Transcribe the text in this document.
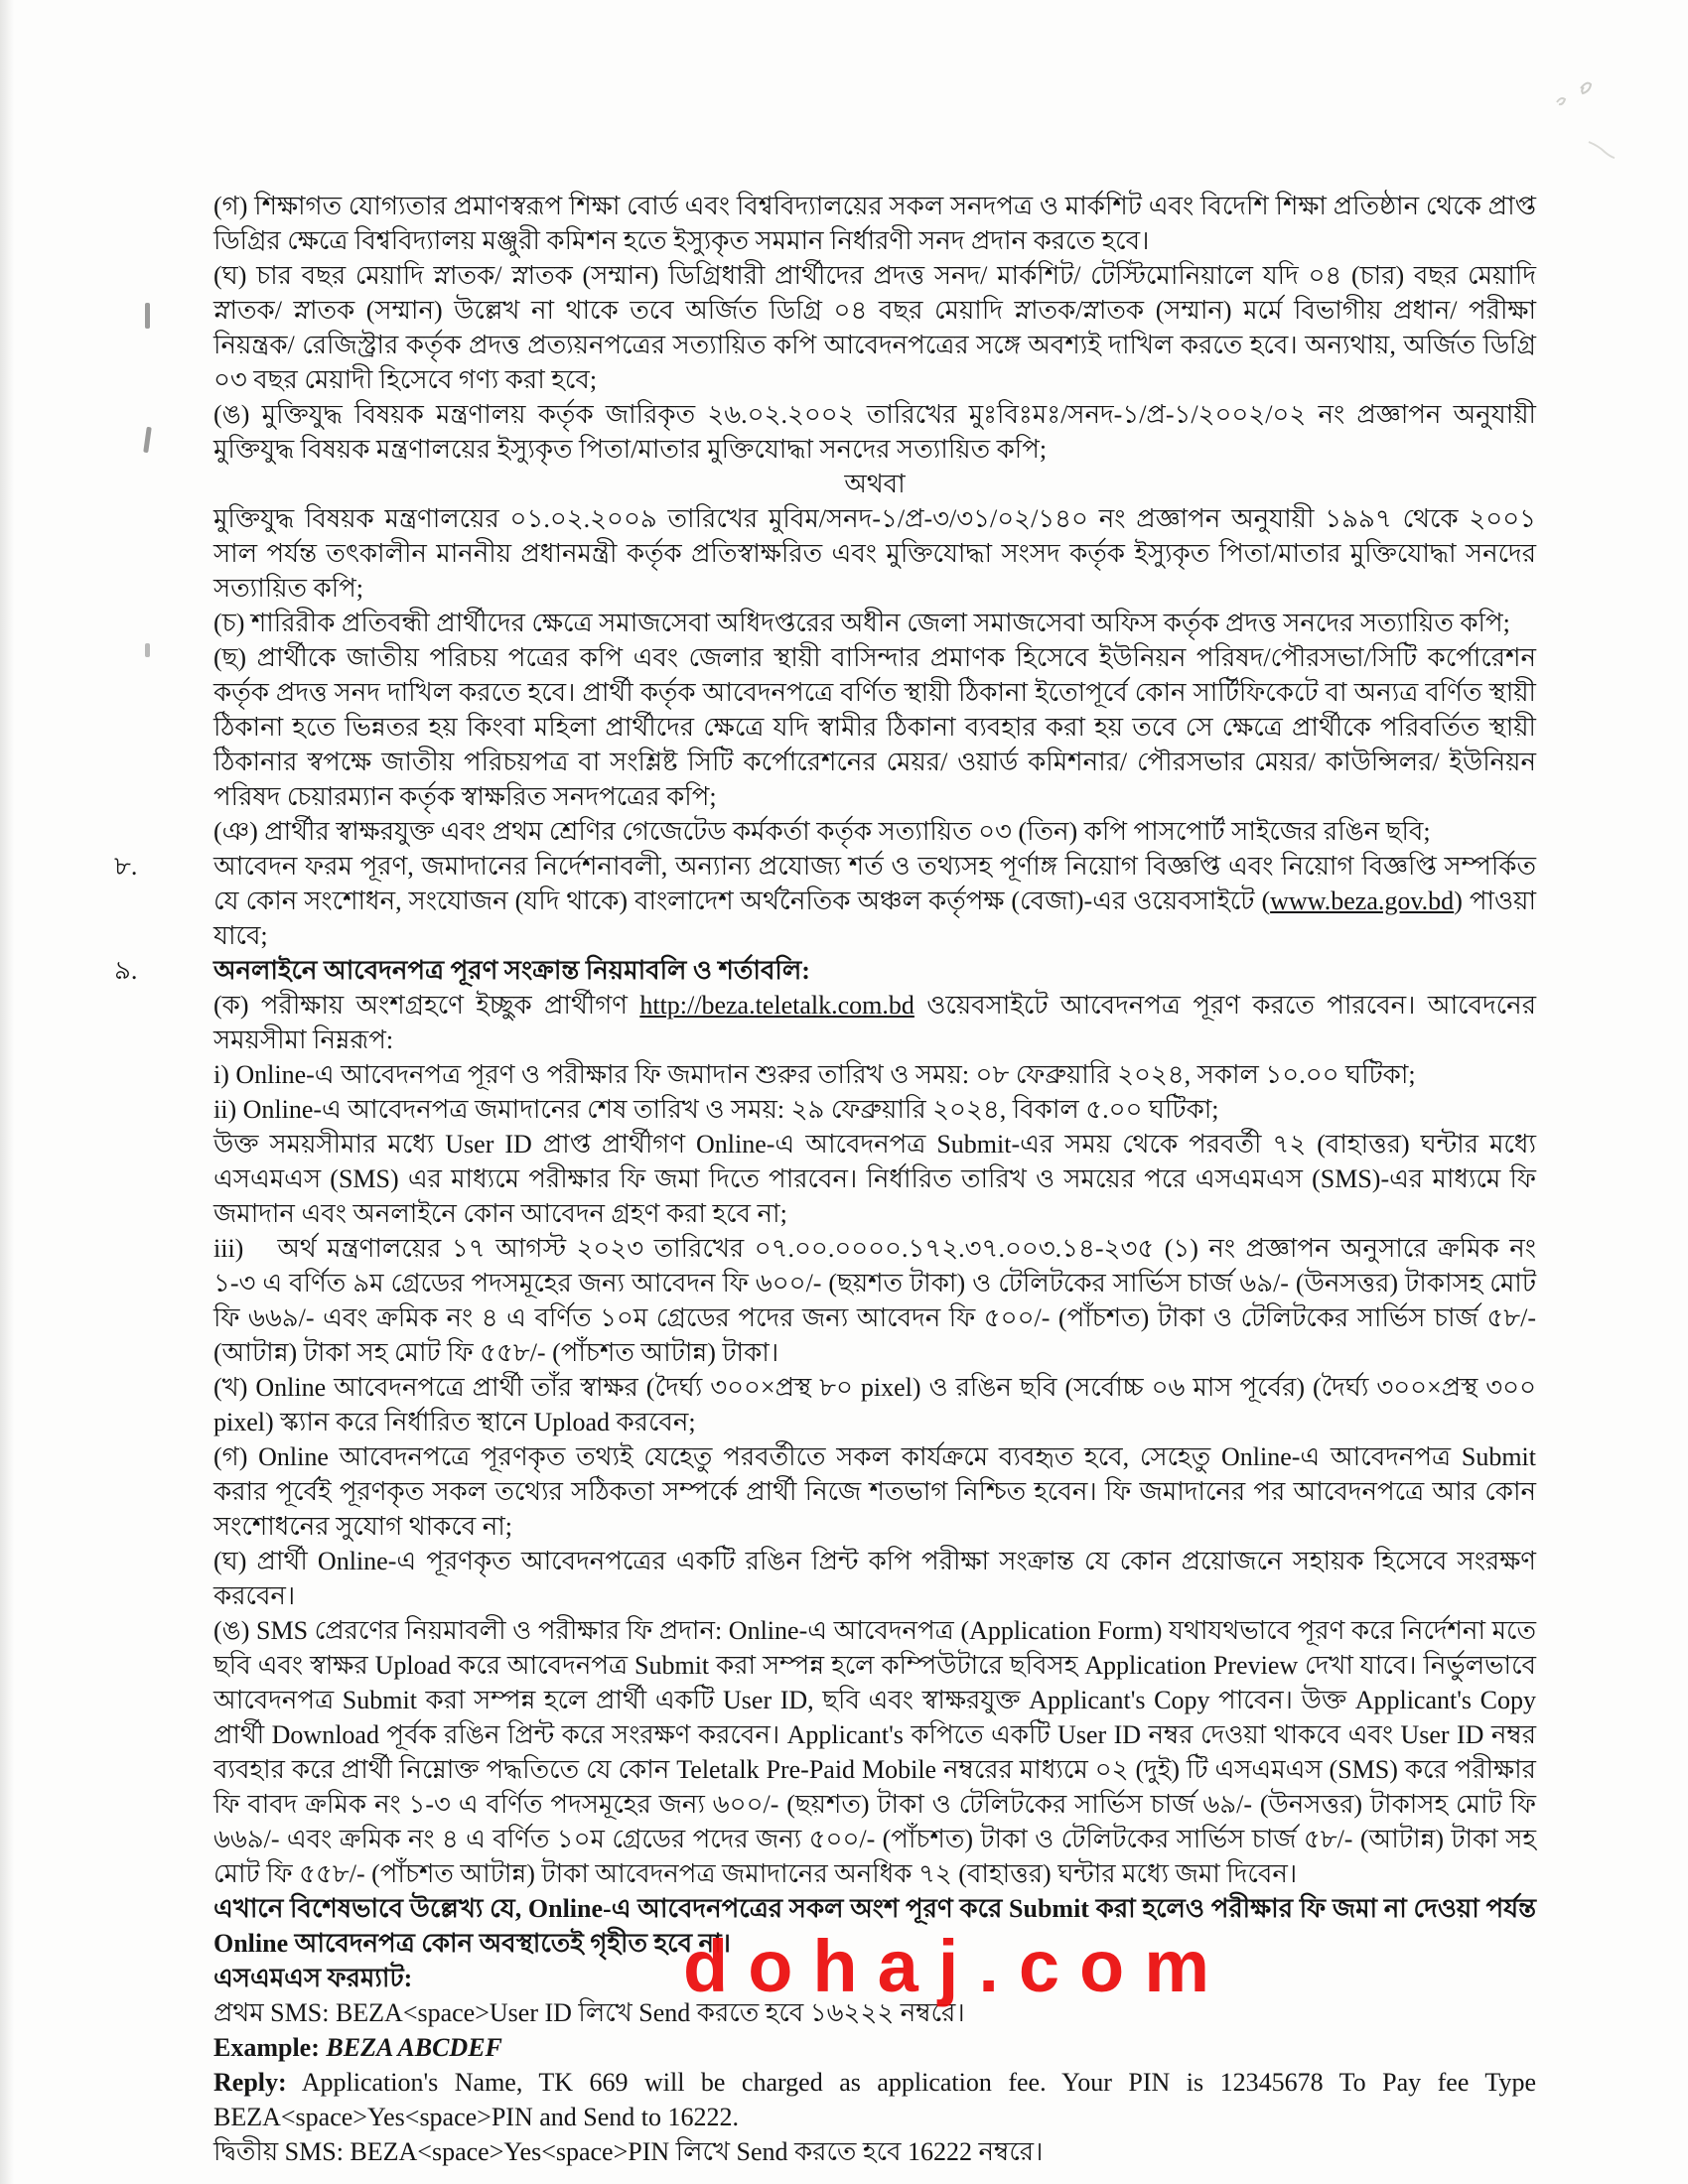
(গ) শিক্ষাগত যোগ্যতার প্রমাণস্বরূপ শিক্ষা বোর্ড এবং বিশ্ববিদ্যালয়ের সকল সনদপত্র ও মার্কশিট এবং বিদেশি শিক্ষা প্রতিষ্ঠান থেকে প্রাপ্ত ডিগ্রির ক্ষেত্রে বিশ্ববিদ্যালয় মঞ্জুরী কমিশন হতে ইস্যুকৃত সমমান নির্ধারণী সনদ প্রদান করতে হবে।
(ঘ) চার বছর মেয়াদি স্নাতক/ স্নাতক (সম্মান) ডিগ্রিধারী প্রার্থীদের প্রদত্ত সনদ/ মার্কশিট/ টেস্টিমোনিয়ালে যদি ০৪ (চার) বছর মেয়াদি স্নাতক/ স্নাতক (সম্মান) উল্লেখ না থাকে তবে অর্জিত ডিগ্রি ০৪ বছর মেয়াদি স্নাতক/স্নাতক (সম্মান) মর্মে বিভাগীয় প্রধান/ পরীক্ষা নিয়ন্ত্রক/ রেজিস্ট্রার কর্তৃক প্রদত্ত প্রত্যয়নপত্রের সত্যায়িত কপি আবেদনপত্রের সঙ্গে অবশ্যই দাখিল করতে হবে। অন্যথায়, অর্জিত ডিগ্রি ০৩ বছর মেয়াদী হিসেবে গণ্য করা হবে;
(ঙ) মুক্তিযুদ্ধ বিষয়ক মন্ত্রণালয় কর্তৃক জারিকৃত ২৬.০২.২০০২ তারিখের মুঃবিঃমঃ/সনদ-১/প্র-১/২০০২/০২ নং প্রজ্ঞাপন অনুযায়ী মুক্তিযুদ্ধ বিষয়ক মন্ত্রণালয়ের ইস্যুকৃত পিতা/মাতার মুক্তিযোদ্ধা সনদের সত্যায়িত কপি;
অথবা
মুক্তিযুদ্ধ বিষয়ক মন্ত্রণালয়ের ০১.০২.২০০৯ তারিখের মুবিম/সনদ-১/প্র-৩/৩১/০২/১৪০ নং প্রজ্ঞাপন অনুযায়ী ১৯৯৭ থেকে ২০০১ সাল পর্যন্ত তৎকালীন মাননীয় প্রধানমন্ত্রী কর্তৃক প্রতিস্বাক্ষরিত এবং মুক্তিযোদ্ধা সংসদ কর্তৃক ইস্যুকৃত পিতা/মাতার মুক্তিযোদ্ধা সনদের সত্যায়িত কপি;
(চ) শারিরীক প্রতিবন্ধী প্রার্থীদের ক্ষেত্রে সমাজসেবা অধিদপ্তরের অধীন জেলা সমাজসেবা অফিস কর্তৃক প্রদত্ত সনদের সত্যায়িত কপি;
(ছ) প্রার্থীকে জাতীয় পরিচয় পত্রের কপি এবং জেলার স্থায়ী বাসিন্দার প্রমাণক হিসেবে ইউনিয়ন পরিষদ/পৌরসভা/সিটি কর্পোরেশন কর্তৃক প্রদত্ত সনদ দাখিল করতে হবে। প্রার্থী কর্তৃক আবেদনপত্রে বর্ণিত স্থায়ী ঠিকানা ইতোপূর্বে কোন সার্টিফিকেটে বা অন্যত্র বর্ণিত স্থায়ী ঠিকানা হতে ভিন্নতর হয় কিংবা মহিলা প্রার্থীদের ক্ষেত্রে যদি স্বামীর ঠিকানা ব্যবহার করা হয় তবে সে ক্ষেত্রে প্রার্থীকে পরিবর্তিত স্থায়ী ঠিকানার স্বপক্ষে জাতীয় পরিচয়পত্র বা সংশ্লিষ্ট সিটি কর্পোরেশনের মেয়র/ ওয়ার্ড কমিশনার/ পৌরসভার মেয়র/ কাউন্সিলর/ ইউনিয়ন পরিষদ চেয়ারম্যান কর্তৃক স্বাক্ষরিত সনদপত্রের কপি;
(ঞ) প্রার্থীর স্বাক্ষরযুক্ত এবং প্রথম শ্রেণির গেজেটেড কর্মকর্তা কর্তৃক সত্যায়িত ০৩ (তিন) কপি পাসপোর্ট সাইজের রঙিন ছবি;
৮.	আবেদন ফরম পূরণ, জমাদানের নির্দেশনাবলী, অন্যান্য প্রযোজ্য শর্ত ও তথ্যসহ পূর্ণাঙ্গ নিয়োগ বিজ্ঞপ্তি এবং নিয়োগ বিজ্ঞপ্তি সম্পর্কিত যে কোন সংশোধন, সংযোজন (যদি থাকে) বাংলাদেশ অর্থনৈতিক অঞ্চল কর্তৃপক্ষ (বেজা)-এর ওয়েবসাইটে (www.beza.gov.bd) পাওয়া যাবে;
৯.	অনলাইনে আবেদনপত্র পূরণ সংক্রান্ত নিয়মাবলি ও শর্তাবলি:
(ক) পরীক্ষায় অংশগ্রহণে ইচ্ছুক প্রার্থীগণ http://beza.teletalk.com.bd ওয়েবসাইটে আবেদনপত্র পূরণ করতে পারবেন। আবেদনের সময়সীমা নিম্নরূপ:
i) Online-এ আবেদনপত্র পূরণ ও পরীক্ষার ফি জমাদান শুরুর তারিখ ও সময়: ০৮ ফেব্রুয়ারি ২০২৪, সকাল ১০.০০ ঘটিকা;
ii) Online-এ আবেদনপত্র জমাদানের শেষ তারিখ ও সময়: ২৯ ফেব্রুয়ারি ২০২৪, বিকাল ৫.০০ ঘটিকা;
উক্ত সময়সীমার মধ্যে User ID প্রাপ্ত প্রার্থীগণ Online-এ আবেদনপত্র Submit-এর সময় থেকে পরবর্তী ৭২ (বাহাত্তর) ঘন্টার মধ্যে এসএমএস (SMS) এর মাধ্যমে পরীক্ষার ফি জমা দিতে পারবেন। নির্ধারিত তারিখ ও সময়ের পরে এসএমএস (SMS)-এর মাধ্যমে ফি জমাদান এবং অনলাইনে কোন আবেদন গ্রহণ করা হবে না;
iii) অর্থ মন্ত্রণালয়ের ১৭ আগস্ট ২০২৩ তারিখের ০৭.০০.০০০০.১৭২.৩৭.০০৩.১৪-২৩৫ (১) নং প্রজ্ঞাপন অনুসারে ক্রমিক নং ১-৩ এ বর্ণিত ৯ম গ্রেডের পদসমূহের জন্য আবেদন ফি ৬০০/- (ছয়শত টাকা) ও টেলিটকের সার্ভিস চার্জ ৬৯/- (উনসত্তর) টাকাসহ মোট ফি ৬৬৯/- এবং ক্রমিক নং ৪ এ বর্ণিত ১০ম গ্রেডের পদের জন্য আবেদন ফি ৫০০/- (পাঁচশত) টাকা ও টেলিটকের সার্ভিস চার্জ ৫৮/- (আটান্ন) টাকা সহ মোট ফি ৫৫৮/- (পাঁচশত আটান্ন) টাকা।
(খ) Online আবেদনপত্রে প্রার্থী তাঁর স্বাক্ষর (দৈর্ঘ্য ৩০০×প্রস্থ ৮০ pixel) ও রঙিন ছবি (সর্বোচ্চ ০৬ মাস পূর্বের) (দৈর্ঘ্য ৩০০×প্রস্থ ৩০০ pixel) স্ক্যান করে নির্ধারিত স্থানে Upload করবেন;
(গ) Online আবেদনপত্রে পূরণকৃত তথ্যই যেহেতু পরবর্তীতে সকল কার্যক্রমে ব্যবহৃত হবে, সেহেতু Online-এ আবেদনপত্র Submit করার পূর্বেই পূরণকৃত সকল তথ্যের সঠিকতা সম্পর্কে প্রার্থী নিজে শতভাগ নিশ্চিত হবেন। ফি জমাদানের পর আবেদনপত্রে আর কোন সংশোধনের সুযোগ থাকবে না;
(ঘ) প্রার্থী Online-এ পূরণকৃত আবেদনপত্রের একটি রঙিন প্রিন্ট কপি পরীক্ষা সংক্রান্ত যে কোন প্রয়োজনে সহায়ক হিসেবে সংরক্ষণ করবেন।
(ঙ) SMS প্রেরণের নিয়মাবলী ও পরীক্ষার ফি প্রদান: Online-এ আবেদনপত্র (Application Form) যথাযথভাবে পূরণ করে নির্দেশনা মতে ছবি এবং স্বাক্ষর Upload করে আবেদনপত্র Submit করা সম্পন্ন হলে কম্পিউটারে ছবিসহ Application Preview দেখা যাবে। নির্ভুলভাবে আবেদনপত্র Submit করা সম্পন্ন হলে প্রার্থী একটি User ID, ছবি এবং স্বাক্ষরযুক্ত Applicant's Copy পাবেন। উক্ত Applicant's Copy প্রার্থী Download পূর্বক রঙিন প্রিন্ট করে সংরক্ষণ করবেন। Applicant's কপিতে একটি User ID নম্বর দেওয়া থাকবে এবং User ID নম্বর ব্যবহার করে প্রার্থী নিম্নোক্ত পদ্ধতিতে যে কোন Teletalk Pre-Paid Mobile নম্বরের মাধ্যমে ০২ (দুই) টি এসএমএস (SMS) করে পরীক্ষার ফি বাবদ ক্রমিক নং ১-৩ এ বর্ণিত পদসমূহের জন্য ৬০০/- (ছয়শত) টাকা ও টেলিটকের সার্ভিস চার্জ ৬৯/- (উনসত্তর) টাকাসহ মোট ফি ৬৬৯/- এবং ক্রমিক নং ৪ এ বর্ণিত ১০ম গ্রেডের পদের জন্য ৫০০/- (পাঁচশত) টাকা ও টেলিটকের সার্ভিস চার্জ ৫৮/- (আটান্ন) টাকা সহ মোট ফি ৫৫৮/- (পাঁচশত আটান্ন) টাকা আবেদনপত্র জমাদানের অনধিক ৭২ (বাহাত্তর) ঘন্টার মধ্যে জমা দিবেন।
এখানে বিশেষভাবে উল্লেখ্য যে, Online-এ আবেদনপত্রের সকল অংশ পূরণ করে Submit করা হলেও পরীক্ষার ফি জমা না দেওয়া পর্যন্ত Online আবেদনপত্র কোন অবস্থাতেই গৃহীত হবে না।
এসএমএস ফরম্যাট:
প্রথম SMS: BEZA<space>User ID লিখে Send করতে হবে ১৬২২২ নম্বরে।
Example: BEZA ABCDEF
Reply: Application's Name, TK 669 will be charged as application fee. Your PIN is 12345678 To Pay fee Type BEZA<space>Yes<space>PIN and Send to 16222.
দ্বিতীয় SMS: BEZA<space>Yes<space>PIN লিখে Send করতে হবে 16222 নম্বরে।
dohaj.com
